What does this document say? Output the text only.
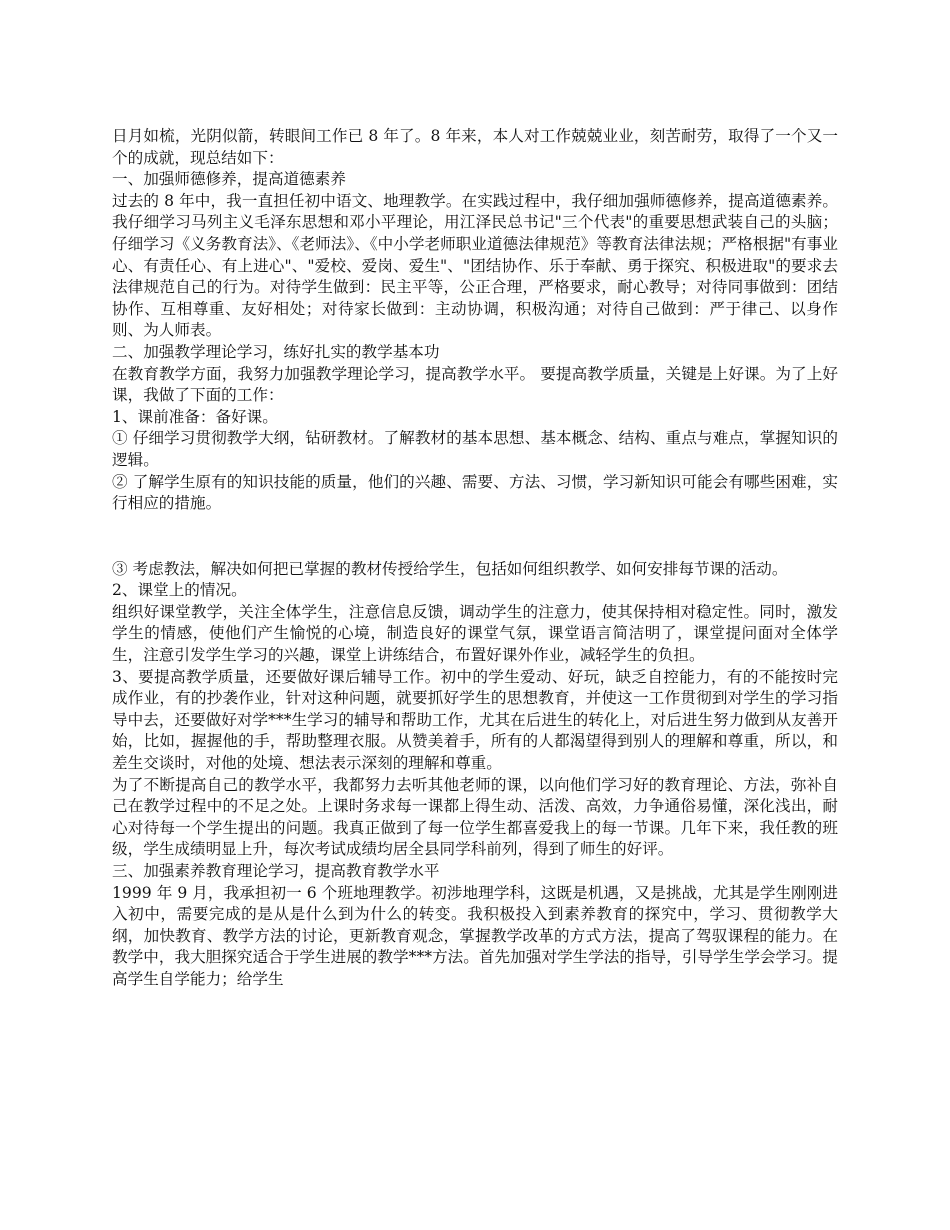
日月如梳，光阴似箭，转眼间工作已 8 年了。8 年来，本人对工作兢兢业业，刻苦耐劳，取得了一个又一个的成就，现总结如下：

一、加强师德修养，提高道德素养

过去的 8 年中，我一直担任初中语文、地理教学。在实践过程中，我仔细加强师德修养，提高道德素养。我仔细学习马列主义毛泽东思想和邓小平理论，用江泽民总书记"三个代表"的重要思想武装自己的头脑；仔细学习《义务教育法》、《老师法》、《中小学老师职业道德法律规范》等教育法律法规；严格根据"有事业心、有责任心、有上进心"、"爱校、爱岗、爱生"、"团结协作、乐于奉献、勇于探究、积极进取"的要求去法律规范自己的行为。对待学生做到：民主平等，公正合理，严格要求，耐心教导；对待同事做到：团结协作、互相尊重、友好相处；对待家长做到：主动协调，积极沟通；对待自己做到：严于律己、以身作则、为人师表。

二、加强教学理论学习，练好扎实的教学基本功

在教育教学方面，我努力加强教学理论学习，提高教学水平。 要提高教学质量，关键是上好课。为了上好课，我做了下面的工作：

1、课前准备：备好课。

① 仔细学习贯彻教学大纲，钻研教材。了解教材的基本思想、基本概念、结构、重点与难点，掌握知识的逻辑。

② 了解学生原有的知识技能的质量，他们的兴趣、需要、方法、习惯，学习新知识可能会有哪些困难，实行相应的措施。

③ 考虑教法，解决如何把已掌握的教材传授给学生，包括如何组织教学、如何安排每节课的活动。

2、课堂上的情况。

组织好课堂教学，关注全体学生，注意信息反馈，调动学生的注意力，使其保持相对稳定性。同时，激发学生的情感，使他们产生愉悦的心境，制造良好的课堂气氛，课堂语言简洁明了，课堂提问面对全体学生，注意引发学生学习的兴趣，课堂上讲练结合，布置好课外作业，减轻学生的负担。

3、要提高教学质量，还要做好课后辅导工作。初中的学生爱动、好玩，缺乏自控能力，有的不能按时完成作业，有的抄袭作业，针对这种问题，就要抓好学生的思想教育，并使这一工作贯彻到对学生的学习指导中去，还要做好对学***生学习的辅导和帮助工作，尤其在后进生的转化上，对后进生努力做到从友善开始，比如，握握他的手，帮助整理衣服。从赞美着手，所有的人都渴望得到别人的理解和尊重，所以，和差生交谈时，对他的处境、想法表示深刻的理解和尊重。

为了不断提高自己的教学水平，我都努力去听其他老师的课，以向他们学习好的教育理论、方法，弥补自己在教学过程中的不足之处。上课时务求每一课都上得生动、活泼、高效，力争通俗易懂，深化浅出，耐心对待每一个学生提出的问题。我真正做到了每一位学生都喜爱我上的每一节课。几年下来，我任教的班级，学生成绩明显上升，每次考试成绩均居全县同学科前列，得到了师生的好评。

三、加强素养教育理论学习，提高教育教学水平

1999 年 9 月，我承担初一 6 个班地理教学。初涉地理学科，这既是机遇，又是挑战，尤其是学生刚刚进入初中，需要完成的是从是什么到为什么的转变。我积极投入到素养教育的探究中，学习、贯彻教学大纲，加快教育、教学方法的讨论，更新教育观念，掌握教学改革的方式方法，提高了驾驭课程的能力。在教学中，我大胆探究适合于学生进展的教学***方法。首先加强对学生学法的指导，引导学生学会学习。提高学生自学能力；给学生
